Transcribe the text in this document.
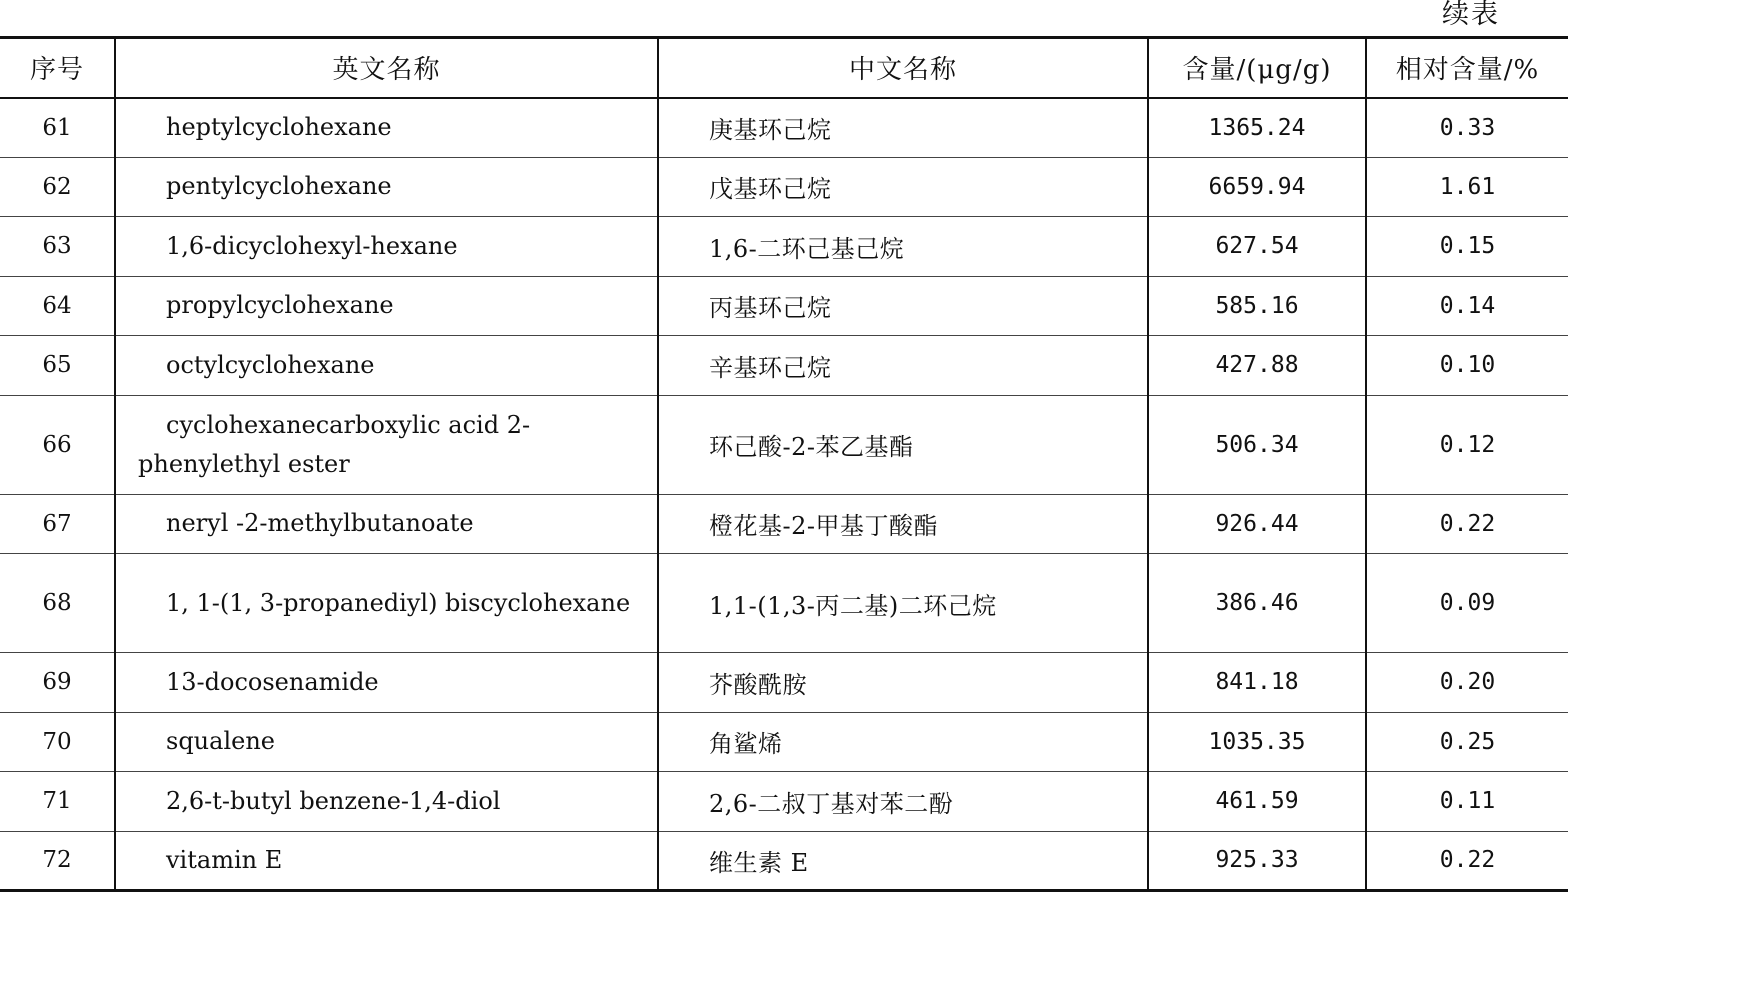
续表
序号	英文名称	中文名称	含量/(μg/g)	相对含量/%
61	heptylcyclohexane	庚基环己烷	1365.24	0.33
62	pentylcyclohexane	戊基环己烷	6659.94	1.61
63	1,6-dicyclohexyl-hexane	1,6-二环己基己烷	627.54	0.15
64	propylcyclohexane	丙基环己烷	585.16	0.14
65	octylcyclohexane	辛基环己烷	427.88	0.10
66	cyclohexanecarboxylic acid 2-phenylethyl ester	环己酸-2-苯乙基酯	506.34	0.12
67	neryl -2-methylbutanoate	橙花基-2-甲基丁酸酯	926.44	0.22
68	1, 1-(1, 3-propanediyl) biscyclohexane	1,1-(1,3-丙二基)二环己烷	386.46	0.09
69	13-docosenamide	芥酸酰胺	841.18	0.20
70	squalene	角鲨烯	1035.35	0.25
71	2,6-t-butyl benzene-1,4-diol	2,6-二叔丁基对苯二酚	461.59	0.11
72	vitamin E	维生素 E	925.33	0.22
